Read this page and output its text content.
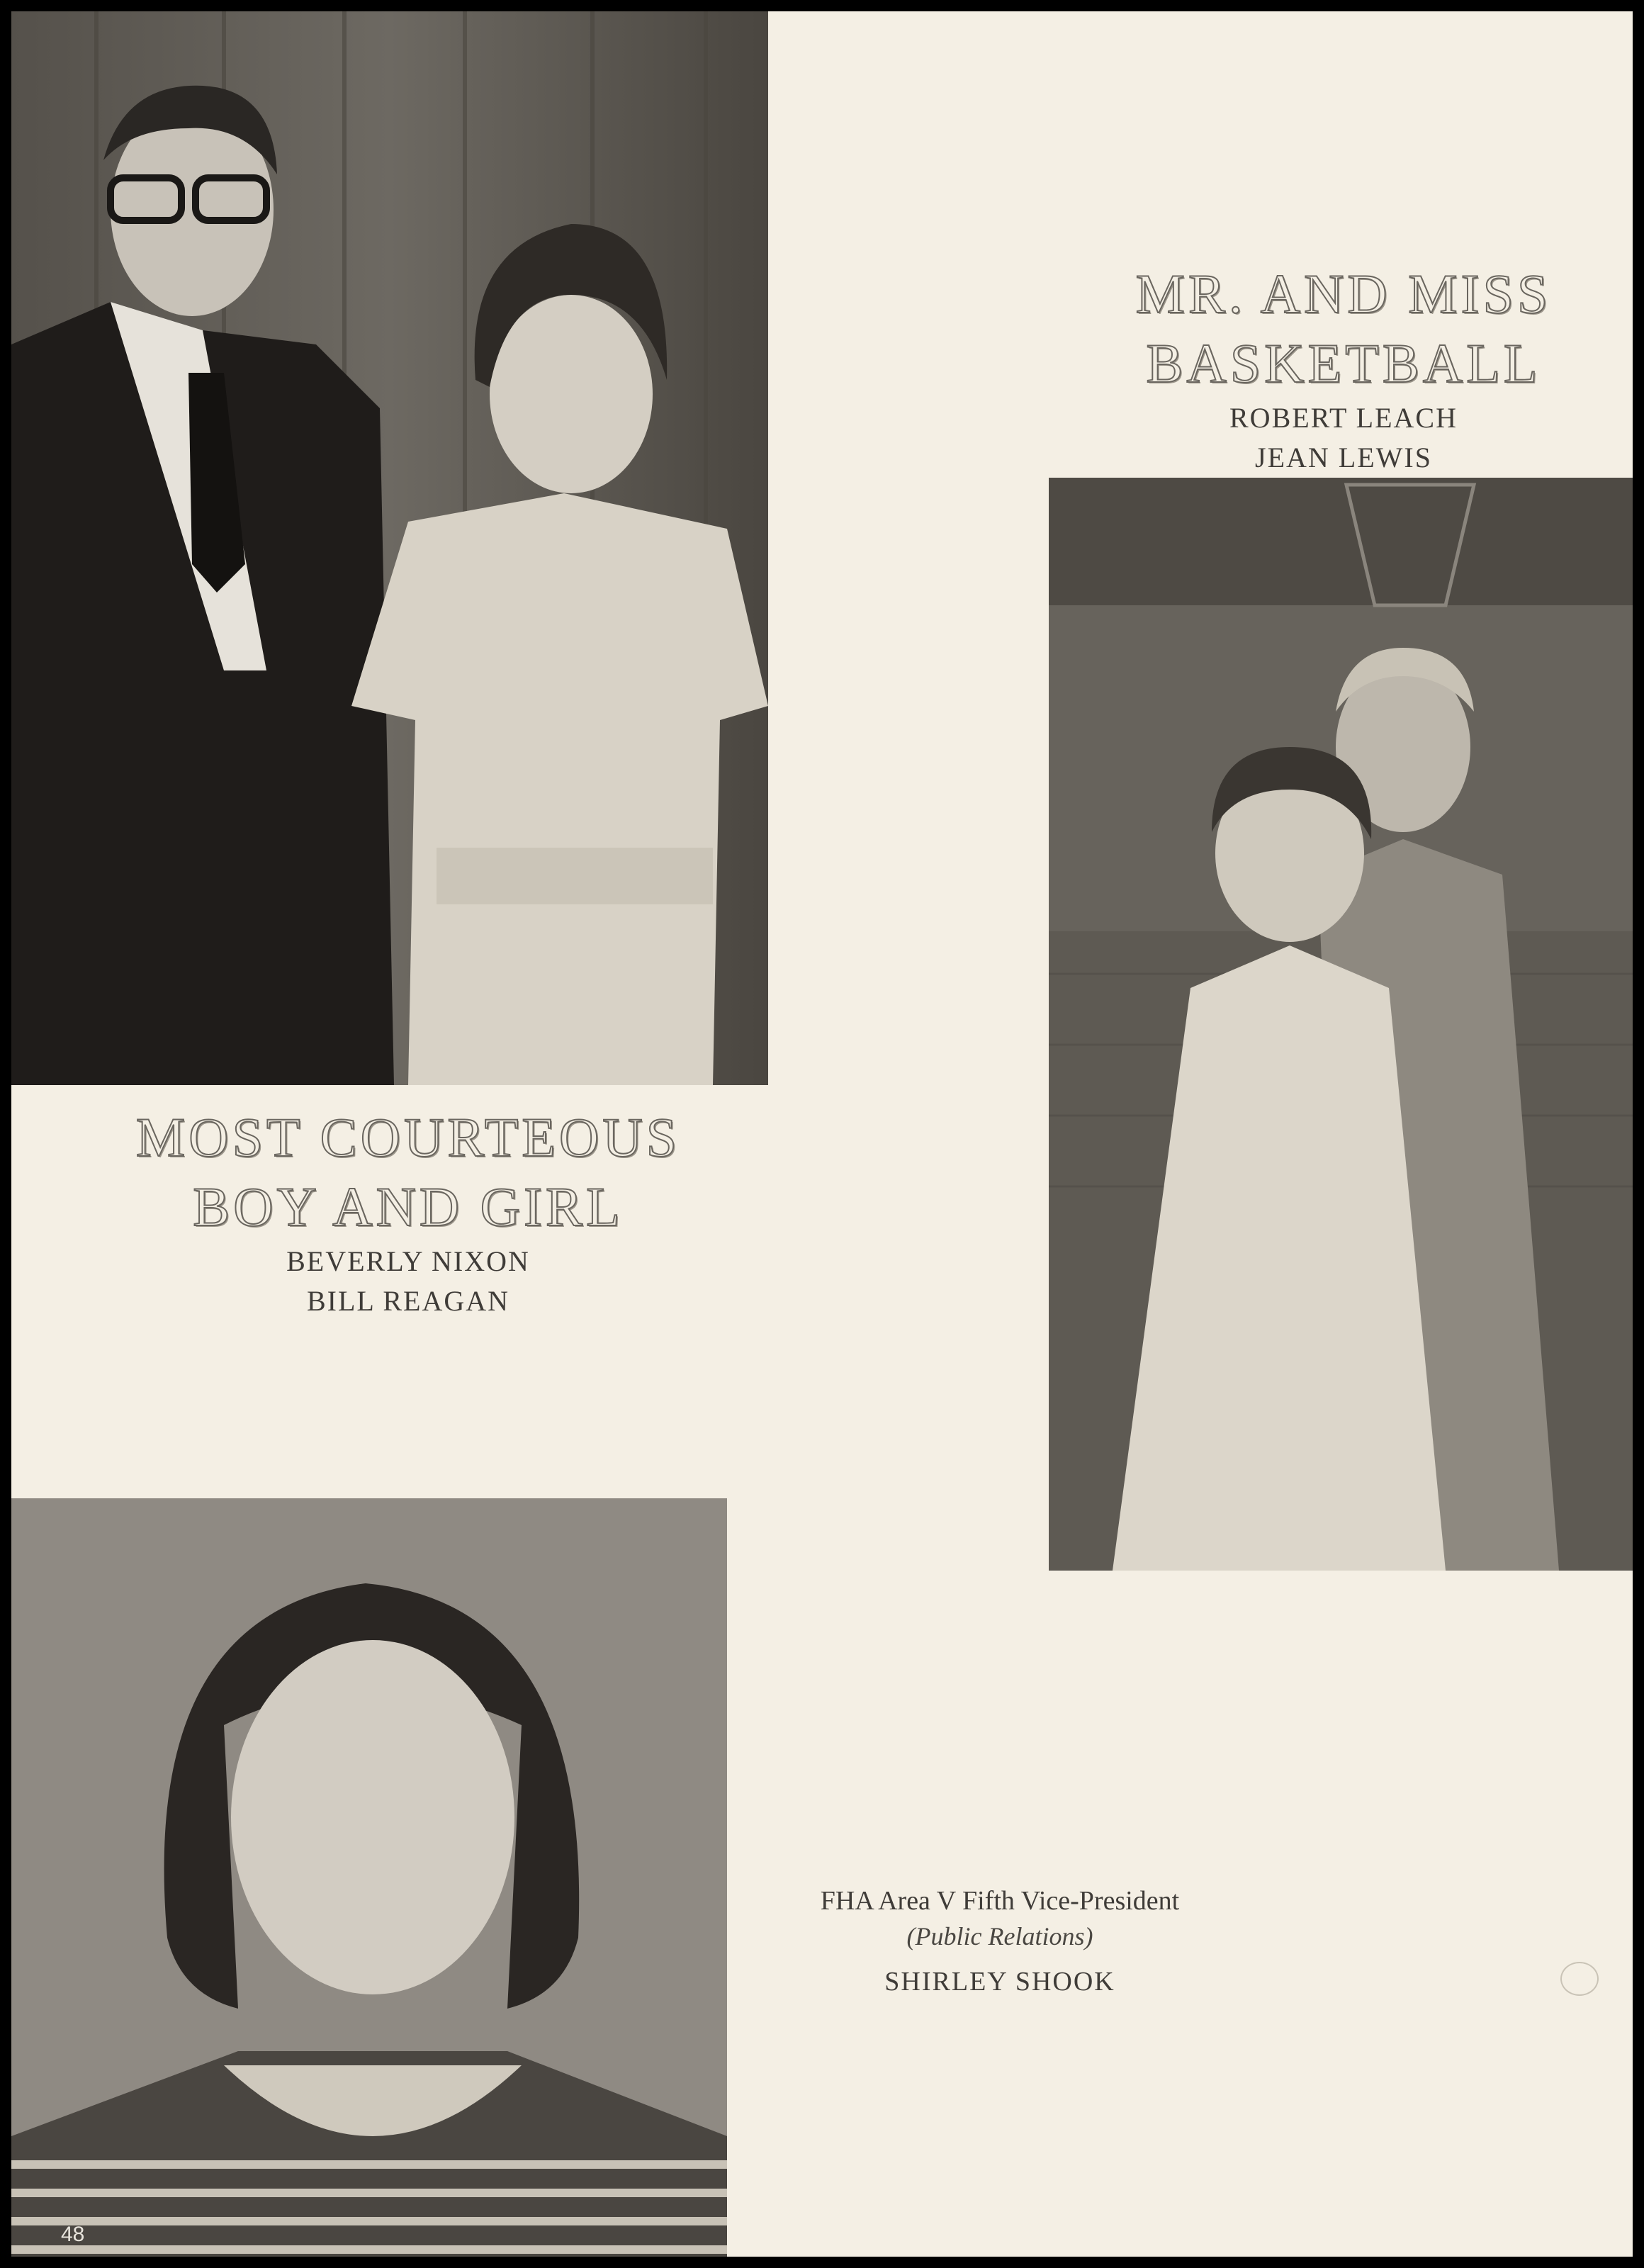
MOST COURTEOUS
BOY AND GIRL
BEVERLY NIXON
BILL REAGAN
MR. AND MISS
BASKETBALL
ROBERT LEACH
JEAN LEWIS
FHA Area V Fifth Vice-President
(Public Relations)
SHIRLEY SHOOK
48
